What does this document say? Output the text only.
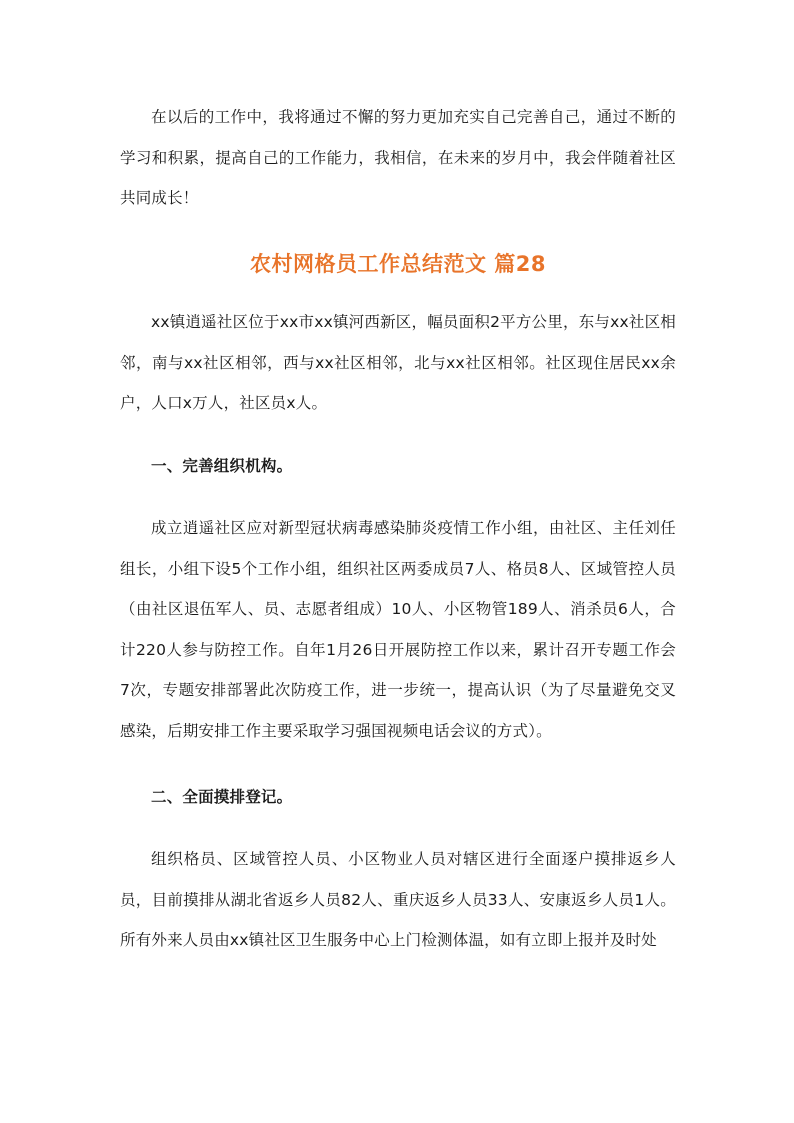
在以后的工作中，我将通过不懈的努力更加充实自己完善自己，通过不断的学习和积累，提高自己的工作能力，我相信，在未来的岁月中，我会伴随着社区共同成长！

农村网格员工作总结范文 篇28

xx镇逍遥社区位于xx市xx镇河西新区，幅员面积2平方公里，东与xx社区相邻，南与xx社区相邻，西与xx社区相邻，北与xx社区相邻。社区现住居民xx余户，人口x万人，社区员x人。

一、完善组织机构。

成立逍遥社区应对新型冠状病毒感染肺炎疫情工作小组，由社区、主任刘任组长，小组下设5个工作小组，组织社区两委成员7人、格员8人、区域管控人员（由社区退伍军人、员、志愿者组成）10人、小区物管189人、消杀员6人，合计220人参与防控工作。自年1月26日开展防控工作以来，累计召开专题工作会7次，专题安排部署此次防疫工作，进一步统一，提高认识（为了尽量避免交叉感染，后期安排工作主要采取学习强国视频电话会议的方式）。

二、全面摸排登记。

组织格员、区域管控人员、小区物业人员对辖区进行全面逐户摸排返乡人员，目前摸排从湖北省返乡人员82人、重庆返乡人员33人、安康返乡人员1人。所有外来人员由xx镇社区卫生服务中心上门检测体温，如有立即上报并及时处
